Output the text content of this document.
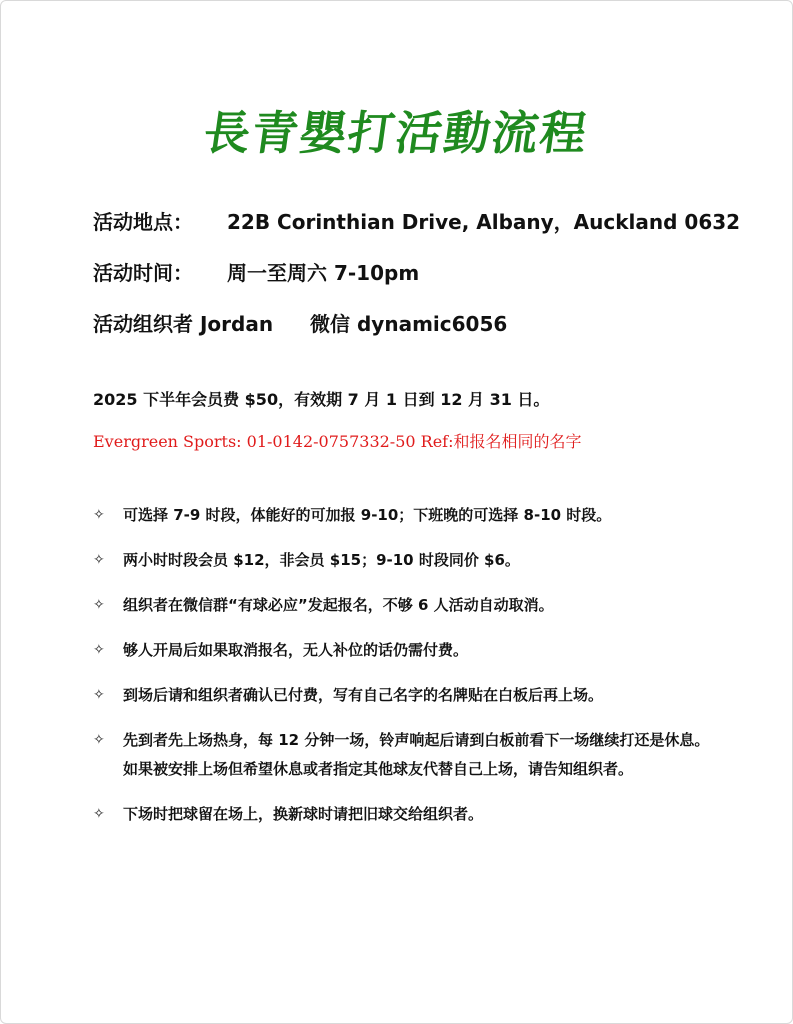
長青嬰打活動流程
活动地点： 22B Corinthian Drive, Albany，Auckland 0632
活动时间： 周一至周六 7-10pm
活动组织者 Jordan 微信 dynamic6056
2025 下半年会员费 $50，有效期 7 月 1 日到 12 月 31 日。
Evergreen Sports: 01-0142-0757332-50 Ref:和报名相同的名字
✧ 可选择 7-9 时段，体能好的可加报 9-10；下班晚的可选择 8-10 时段。
✧ 两小时时段会员 $12，非会员 $15；9-10 时段同价 $6。
✧ 组织者在微信群“有球必应”发起报名，不够 6 人活动自动取消。
✧ 够人开局后如果取消报名，无人补位的话仍需付费。
✧ 到场后请和组织者确认已付费，写有自己名字的名牌贴在白板后再上场。
✧ 先到者先上场热身，每 12 分钟一场，铃声响起后请到白板前看下一场继续打还是休息。如果被安排上场但希望休息或者指定其他球友代替自己上场，请告知组织者。
✧ 下场时把球留在场上，换新球时请把旧球交给组织者。
